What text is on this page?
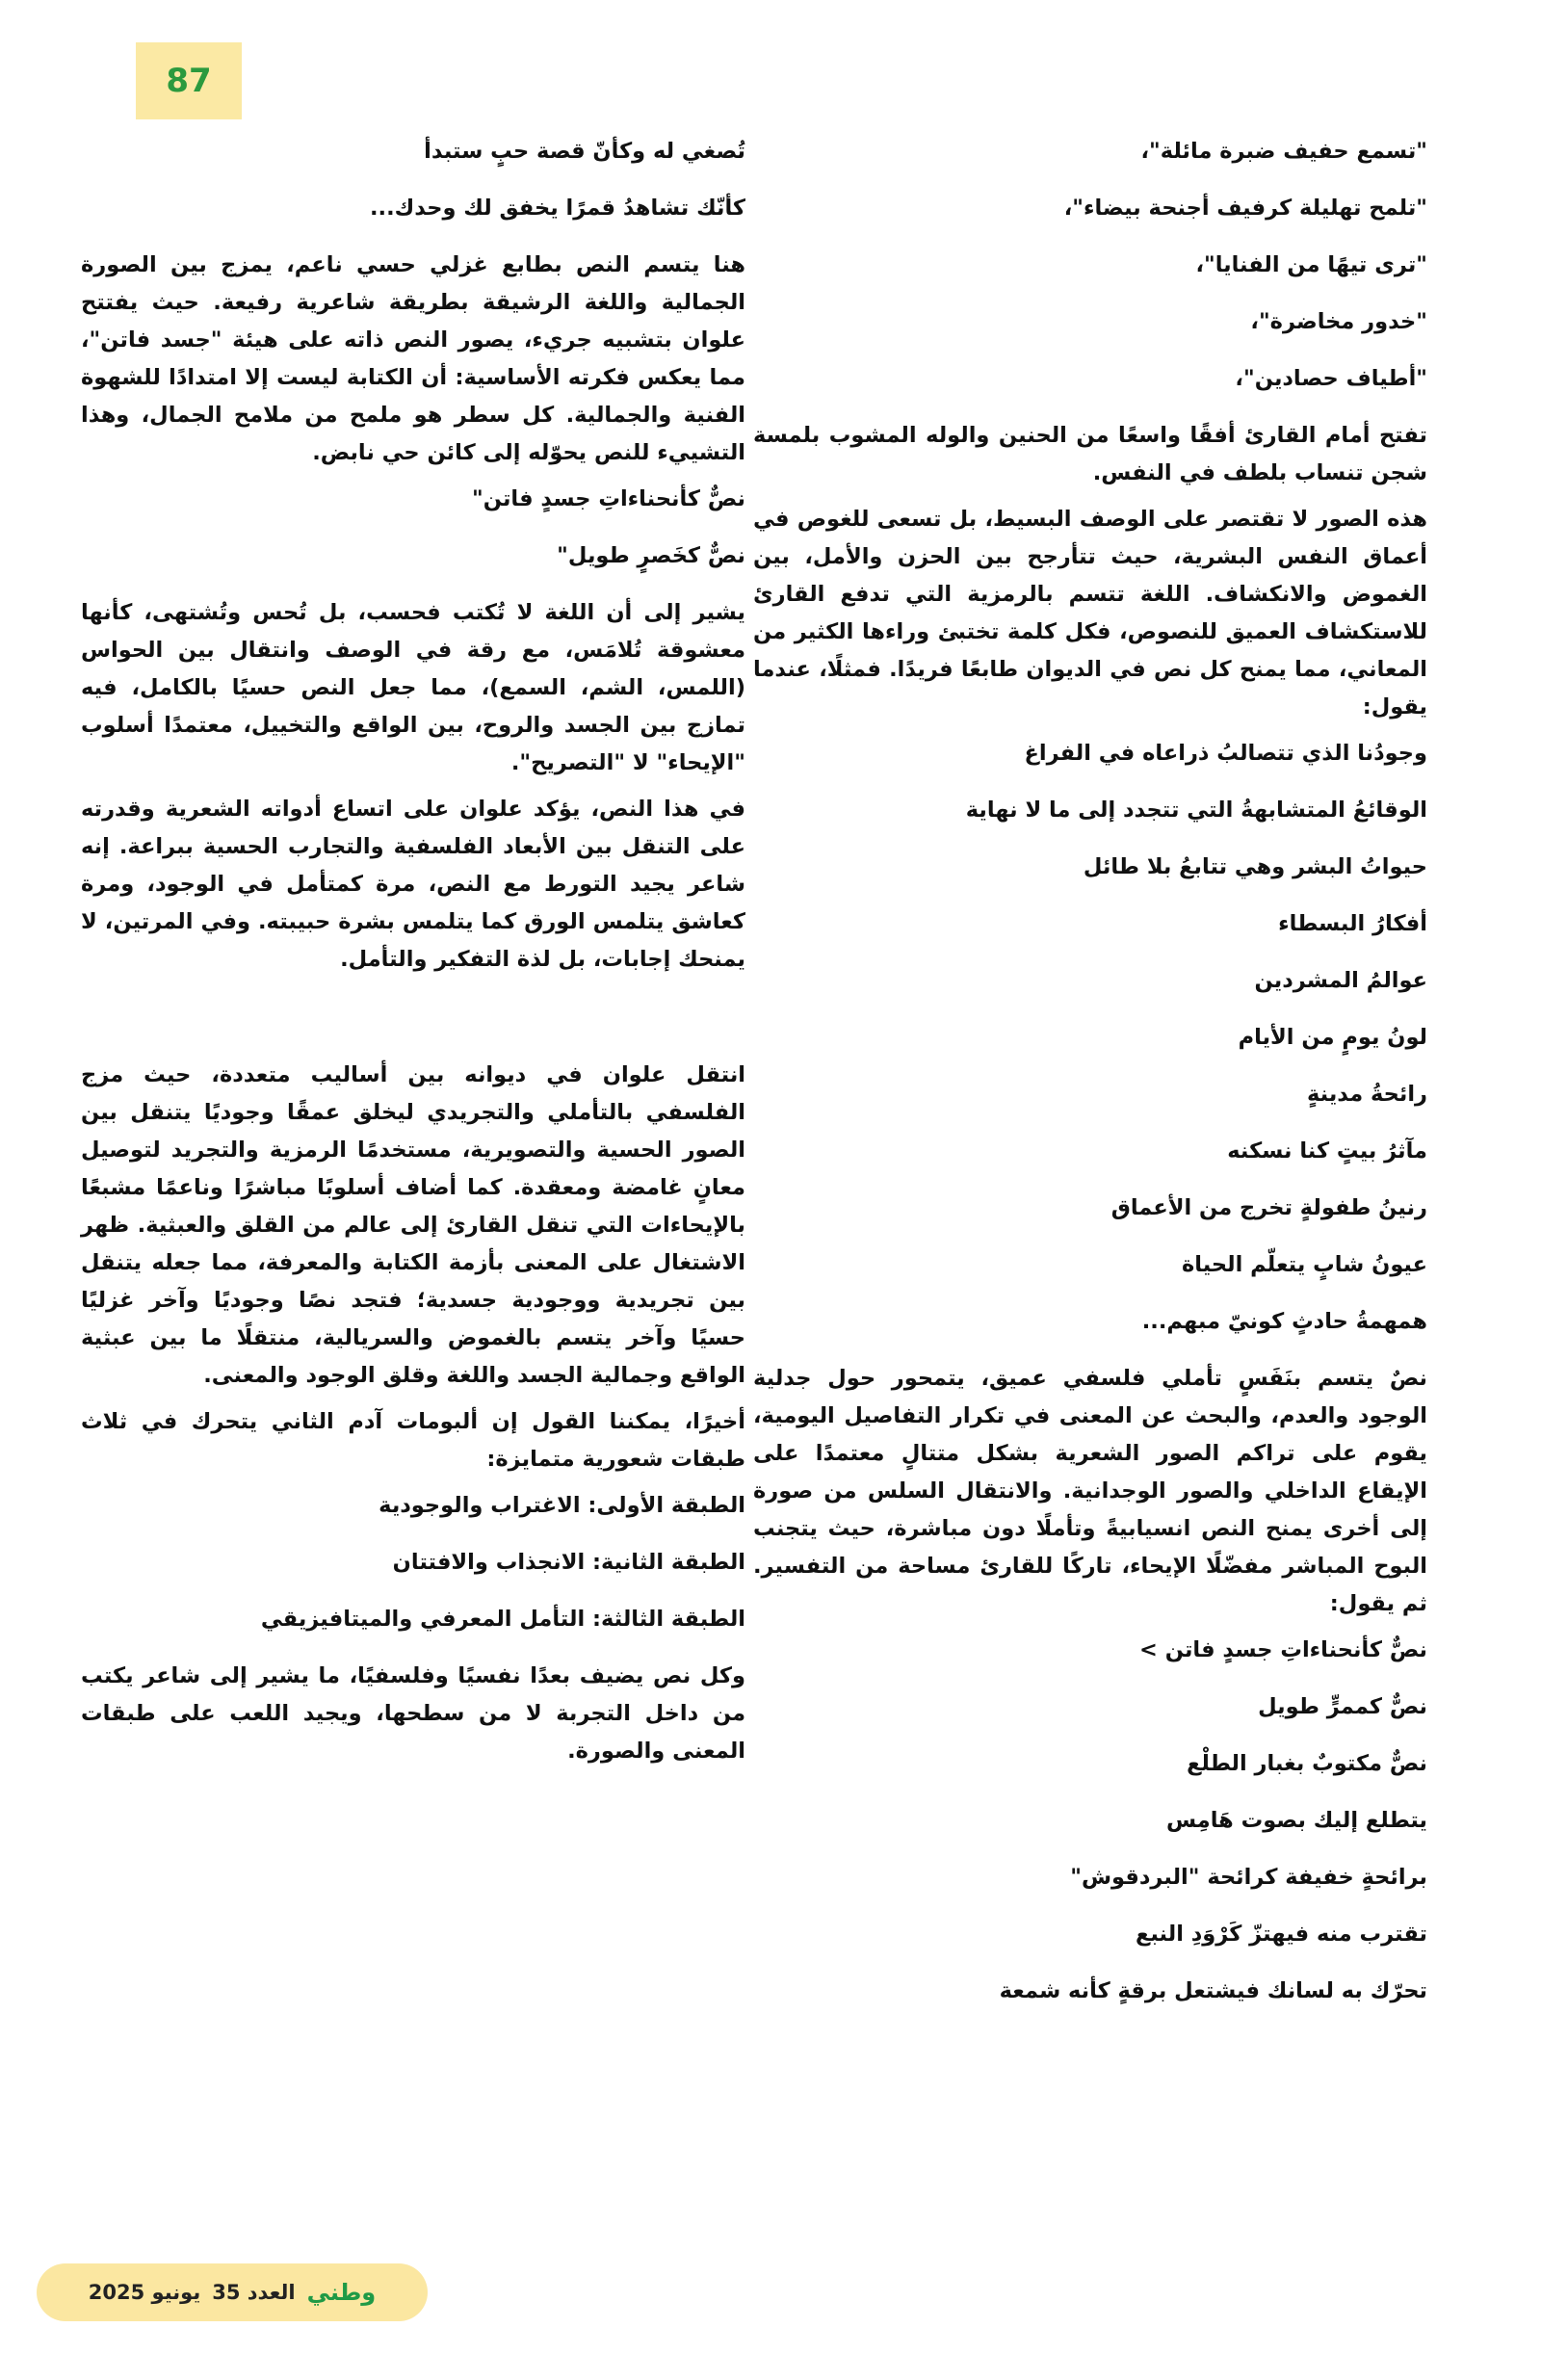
87

"تسمع حفيف ضبرة مائلة"،

"تلمح تهليلة كرفيف أجنحة بيضاء"،

"ترى تيهًا من الفنايا"،

"خدور مخاضرة"،

"أطياف حصادين"،

تفتح أمام القارئ أفقًا واسعًا من الحنين والوله المشوب بلمسة شجن تنساب بلطف في النفس.

هذه الصور لا تقتصر على الوصف البسيط، بل تسعى للغوص في أعماق النفس البشرية، حيث تتأرجح بين الحزن والأمل، بين الغموض والانكشاف. اللغة تتسم بالرمزية التي تدفع القارئ للاستكشاف العميق للنصوص، فكل كلمة تختبئ وراءها الكثير من المعاني، مما يمنح كل نص في الديوان طابعًا فريدًا. فمثلًا، عندما يقول:

وجودُنا الذي تتصالبُ ذراعاه في الفراغ

الوقائعُ المتشابهةُ التي تتجدد إلى ما لا نهاية

حيواتُ البشر وهي تتابعُ بلا طائل

أفكارُ البسطاء

عوالمُ المشردين

لونُ يومٍ من الأيام

رائحةُ مدينةٍ

مآثرُ بيتٍ كنا نسكنه

رنينُ طفولةٍ تخرج من الأعماق

عيونُ شابٍ يتعلّم الحياة

همهمةُ حادثٍ كونيّ مبهم...

نصٌ يتسم بنَفَسٍ تأملي فلسفي عميق، يتمحور حول جدلية الوجود والعدم، والبحث عن المعنى في تكرار التفاصيل اليومية، يقوم على تراكم الصور الشعرية بشكل متتالٍ معتمدًا على الإيقاع الداخلي والصور الوجدانية. والانتقال السلس من صورة إلى أخرى يمنح النص انسيابيةً وتأملًا دون مباشرة، حيث يتجنب البوح المباشر مفضّلًا الإيحاء، تاركًا للقارئ مساحة من التفسير. ثم يقول:

نصٌّ كأنحناءاتِ جسدٍ فاتن >

نصٌّ كممرٍّ طويل

نصٌّ مكتوبٌ بغبار الطلْع

يتطلع إليك بصوت هَامِس

برائحةٍ خفيفة كرائحة "البردقوش"

تقترب منه فيهتزّ كَرْوَدِ النبع

تحرّك به لسانك فيشتعل برقةٍ كأنه شمعة

تُصغي له وكأنّ قصة حبٍ ستبدأ

كأنّك تشاهدُ قمرًا يخفق لك وحدك...

هنا يتسم النص بطابع غزلي حسي ناعم، يمزج بين الصورة الجمالية واللغة الرشيقة بطريقة شاعرية رفيعة. حيث يفتتح علوان بتشبيه جريء، يصور النص ذاته على هيئة "جسد فاتن"، مما يعكس فكرته الأساسية: أن الكتابة ليست إلا امتدادًا للشهوة الفنية والجمالية. كل سطر هو ملمح من ملامح الجمال، وهذا التشييء للنص يحوّله إلى كائن حي نابض.

نصٌّ كأنحناءاتِ جسدٍ فاتن"

نصٌّ كخَصرٍ طويل"

يشير إلى أن اللغة لا تُكتب فحسب، بل تُحس وتُشتهى، كأنها معشوقة تُلامَس، مع رقة في الوصف وانتقال بين الحواس (اللمس، الشم، السمع)، مما جعل النص حسيًا بالكامل، فيه تمازج بين الجسد والروح، بين الواقع والتخييل، معتمدًا أسلوب "الإيحاء" لا "التصريح".

في هذا النص، يؤكد علوان على اتساع أدواته الشعرية وقدرته على التنقل بين الأبعاد الفلسفية والتجارب الحسية ببراعة. إنه شاعر يجيد التورط مع النص، مرة كمتأمل في الوجود، ومرة كعاشق يتلمس الورق كما يتلمس بشرة حبيبته. وفي المرتين، لا يمنحك إجابات، بل لذة التفكير والتأمل.

انتقل علوان في ديوانه بين أساليب متعددة، حيث مزج الفلسفي بالتأملي والتجريدي ليخلق عمقًا وجوديًا يتنقل بين الصور الحسية والتصويرية، مستخدمًا الرمزية والتجريد لتوصيل معانٍ غامضة ومعقدة. كما أضاف أسلوبًا مباشرًا وناعمًا مشبعًا بالإيحاءات التي تنقل القارئ إلى عالم من القلق والعبثية. ظهر الاشتغال على المعنى بأزمة الكتابة والمعرفة، مما جعله يتنقل بين تجريدية ووجودية جسدية؛ فتجد نصًا وجوديًا وآخر غزليًا حسيًا وآخر يتسم بالغموض والسريالية، منتقلًا ما بين عبثية الواقع وجمالية الجسد واللغة وقلق الوجود والمعنى.

أخيرًا، يمكننا القول إن ألبومات آدم الثاني يتحرك في ثلاث طبقات شعورية متمايزة:

الطبقة الأولى: الاغتراب والوجودية

الطبقة الثانية: الانجذاب والافتتان

الطبقة الثالثة: التأمل المعرفي والميتافيزيقي

وكل نص يضيف بعدًا نفسيًا وفلسفيًا، ما يشير إلى شاعر يكتب من داخل التجربة لا من سطحها، ويجيد اللعب على طبقات المعنى والصورة.

2025 يونيو العدد 35 وطني
